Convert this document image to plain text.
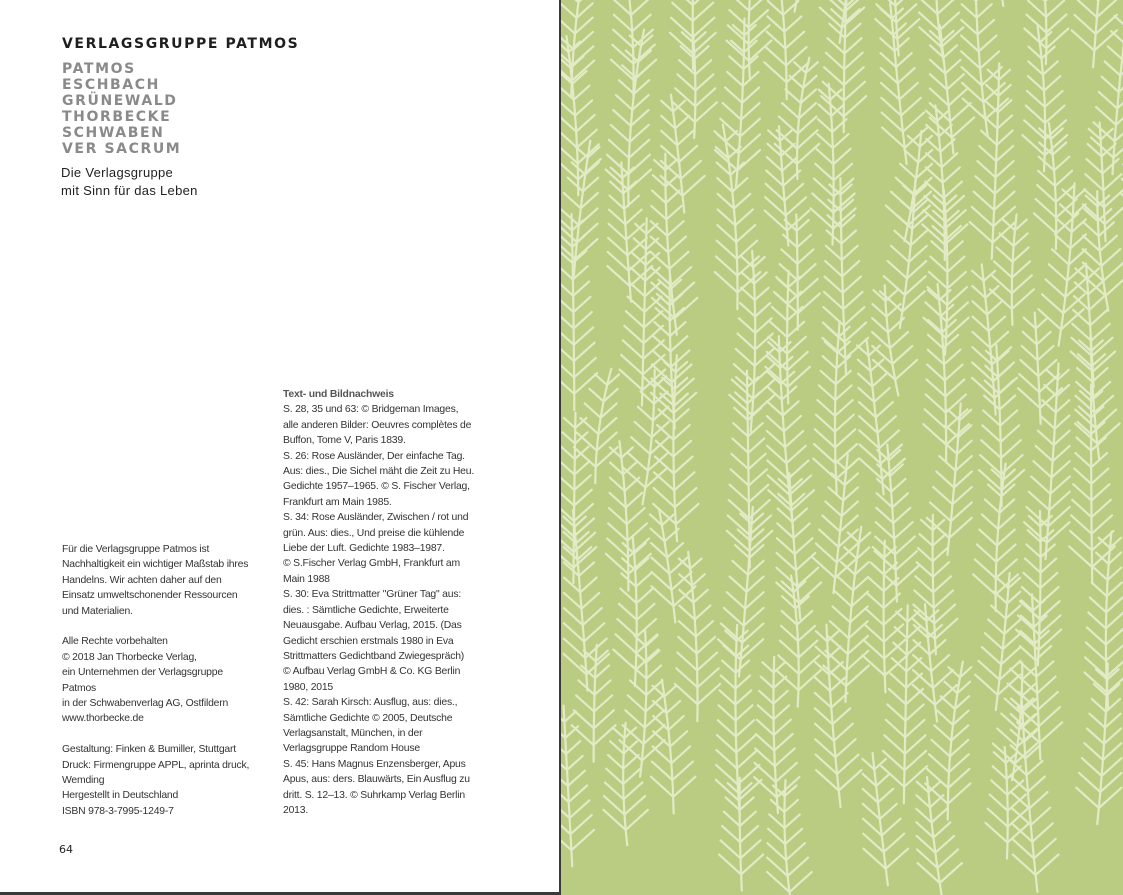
VERLAGSGRUPPE PATMOS
PATMOS
ESCHBACH
GRÜNEWALD
THORBECKE
SCHWABEN
VER SACRUM
Die Verlagsgruppe
mit Sinn für das Leben
Text- und Bildnachweis
S. 28, 35 und 63: © Bridgeman Images,
alle anderen Bilder: Oeuvres complètes de
Buffon, Tome V, Paris 1839.
S. 26: Rose Ausländer, Der einfache Tag.
Aus: dies., Die Sichel mäht die Zeit zu Heu.
Gedichte 1957–1965. © S. Fischer Verlag,
Frankfurt am Main 1985.
S. 34: Rose Ausländer, Zwischen / rot und
grün. Aus: dies., Und preise die kühlende
Liebe der Luft. Gedichte 1983–1987.
© S.Fischer Verlag GmbH, Frankfurt am
Main 1988
S. 30: Eva Strittmatter "Grüner Tag" aus:
dies. : Sämtliche Gedichte, Erweiterte
Neuausgabe. Aufbau Verlag, 2015. (Das
Gedicht erschien erstmals 1980 in Eva
Strittmatters Gedichtband Zwiegespräch)
© Aufbau Verlag GmbH & Co. KG Berlin
1980, 2015
S. 42: Sarah Kirsch: Ausflug, aus: dies.,
Sämtliche Gedichte © 2005, Deutsche
Verlagsanstalt, München, in der
Verlagsgruppe Random House
S. 45: Hans Magnus Enzensberger, Apus
Apus, aus: ders. Blauwärts, Ein Ausflug zu
dritt. S. 12–13. © Suhrkamp Verlag Berlin
2013.
Für die Verlagsgruppe Patmos ist
Nachhaltigkeit ein wichtiger Maßstab ihres
Handelns. Wir achten daher auf den
Einsatz umweltschonender Ressourcen
und Materialien.
Alle Rechte vorbehalten
© 2018 Jan Thorbecke Verlag,
ein Unternehmen der Verlagsgruppe
Patmos
in der Schwabenverlag AG, Ostfildern
www.thorbecke.de
Gestaltung: Finken & Bumiller, Stuttgart
Druck: Firmengruppe APPL, aprinta druck,
Wemding
Hergestellt in Deutschland
ISBN 978-3-7995-1249-7
64
